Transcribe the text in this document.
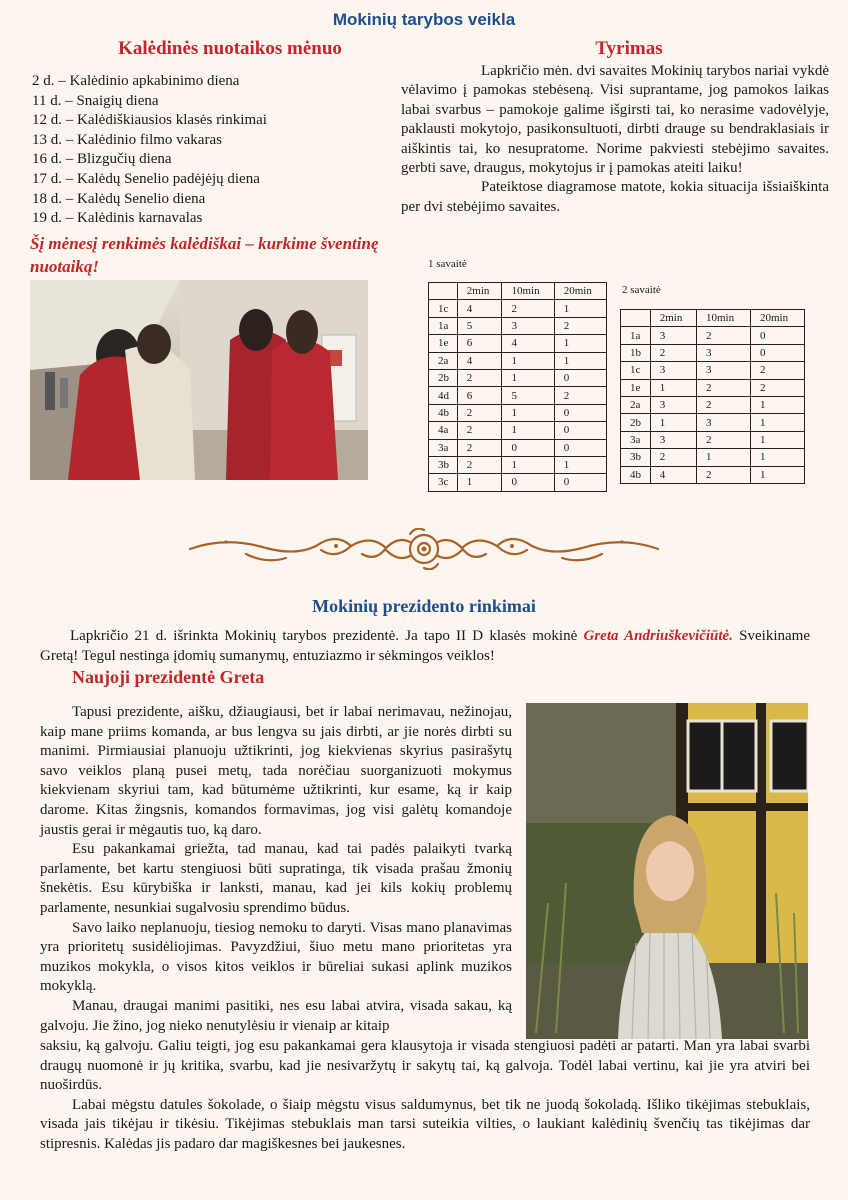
Mokinių tarybos veikla
Kalėdinės nuotaikos mėnuo
2 d. – Kalėdinio apkabinimo diena
11 d. – Snaigių diena
12 d. – Kalėdiškiausios klasės rinkimai
13 d. – Kalėdinio filmo vakaras
16 d. – Blizgučių diena
17 d. – Kalėdų Senelio padėjėjų diena
18 d. – Kalėdų Senelio diena
19 d. – Kalėdinis karnavalas
Šį mėnesį renkimės kalėdiškai – kurkime šventinę nuotaiką!
Tyrimas

Lapkričio mėn. dvi savaites Mokinių tarybos nariai vykdė vėlavimo į pamokas stebėseną. Visi suprantame, jog pamokos laikas labai svarbus – pamokoje galime išgirsti tai, ko nerasime vadovėlyje, paklausti mokytojo, pasikonsultuoti, dirbti drauge su bendraklasiais ir aiškintis tai, ko nesupratome. Norime pakviesti stebėjimo savaites. gerbti save, draugus, mokytojus ir į pamokas ateiti laiku!

Pateiktose diagramose matote, kokia situacija išsiaiškinta per dvi stebėjimo savaites.

1 savaitė
	2min	10min	20min
1c	4	2	1
1a	5	3	2
1e	6	4	1
2a	4	1	1
2b	2	1	0
4d	6	5	2
4b	2	1	0
4a	2	1	0
3a	2	0	0
3b	2	1	1
3c	1	0	0
2 savaitė
	2min	10min	20min
1a	3	2	0
1b	2	3	0
1c	3	3	2
1e	1	2	2
2a	3	2	1
2b	1	3	1
3a	3	2	1
3b	2	1	1
4b	4	2	1
Mokinių prezidento rinkimai
Lapkričio 21 d. išrinkta Mokinių tarybos prezidentė. Ja tapo II D klasės mokinė Greta Andriuškevičiūtė. Sveikiname Gretą! Tegul nestinga įdomių sumanymų, entuziazmo ir sėkmingos veiklos!
Naujoji prezidentė Greta

Tapusi prezidente, aišku, džiaugiausi, bet ir labai nerimavau, nežinojau, kaip mane priims komanda, ar bus lengva su jais dirbti, ar jie norės dirbti su manimi. Pirmiausiai planuoju užtikrinti, jog kiekvienas skyrius pasirašytų savo veiklos planą pusei metų, tada norėčiau suorganizuoti mokymus kiekvienam skyriui tam, kad būtumėme užtikrinti, kur esame, ką ir kaip darome. Kitas žingsnis, komandos formavimas, jog visi galėtų komandoje jaustis gerai ir mėgautis tuo, ką daro.

Esu pakankamai griežta, tad manau, kad tai padės palaikyti tvarką parlamente, bet kartu stengiuosi būti supratinga, tik visada prašau žmonių šnekėtis. Esu kūrybiška ir lanksti, manau, kad jei kils kokių problemų parlamente, nesunkiai sugalvosiu sprendimo būdus.

Savo laiko neplanuoju, tiesiog nemoku to daryti. Visas mano planavimas yra prioritetų susidėliojimas. Pavyzdžiui, šiuo metu mano prioritetas yra muzikos mokykla, o visos kitos veiklos ir būreliai sukasi aplink muzikos mokyklą.

Manau, draugai manimi pasitiki, nes esu labai atvira, visada sakau, ką galvoju. Jie žino, jog nieko nenutylėsiu ir vienaip ar kitaip

saksiu, ką galvoju. Galiu teigti, jog esu pakankamai gera klausytoja ir visada stengiuosi padėti ar patarti. Man yra labai svarbi draugų nuomonė ir jų kritika, svarbu, kad jie nesivaržytų ir sakytų tai, ką galvoja. Todėl labai vertinu, kai jie yra atviri bei nuoširdūs.

Labai mėgstu datules šokolade, o šiaip mėgstu visus saldumynus, bet tik ne juodą šokoladą. Išliko tikėjimas stebuklais, visada jais tikėjau ir tikėsiu. Tikėjimas stebuklais man tarsi suteikia vilties, o laukiant kalėdinių švenčių tas tikėjimas dar stipresnis. Kalėdas jis padaro dar magiškesnes bei jaukesnes.
